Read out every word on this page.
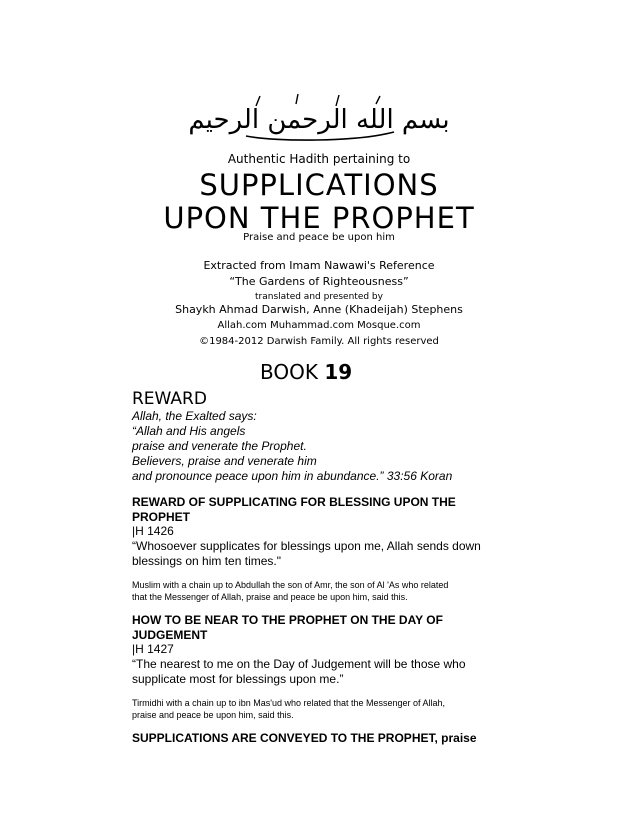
بسم الله الرحمن الرحيم
Authentic Hadith pertaining to
SUPPLICATIONS
UPON THE PROPHET
Praise and peace be upon him
Extracted from Imam Nawawi's Reference
“The Gardens of Righteousness”
translated and presented by
Shaykh Ahmad Darwish, Anne (Khadeijah) Stephens
Allah.com Muhammad.com Mosque.com
©1984-2012 Darwish Family. All rights reserved
BOOK 19
REWARD
Allah, the Exalted says:
“Allah and His angels
praise and venerate the Prophet.
Believers, praise and venerate him
and pronounce peace upon him in abundance.” 33:56 Koran
REWARD OF SUPPLICATING FOR BLESSING UPON THE
PROPHET
|H 1426
“Whosoever supplicates for blessings upon me, Allah sends down
blessings on him ten times."
Muslim with a chain up to Abdullah the son of Amr, the son of Al 'As who related
that the Messenger of Allah, praise and peace be upon him, said this.
HOW TO BE NEAR TO THE PROPHET ON THE DAY OF
JUDGEMENT
|H 1427
“The nearest to me on the Day of Judgement will be those who
supplicate most for blessings upon me.”
Tirmidhi with a chain up to ibn Mas'ud who related that the Messenger of Allah,
praise and peace be upon him, said this.
SUPPLICATIONS ARE CONVEYED TO THE PROPHET, praise
